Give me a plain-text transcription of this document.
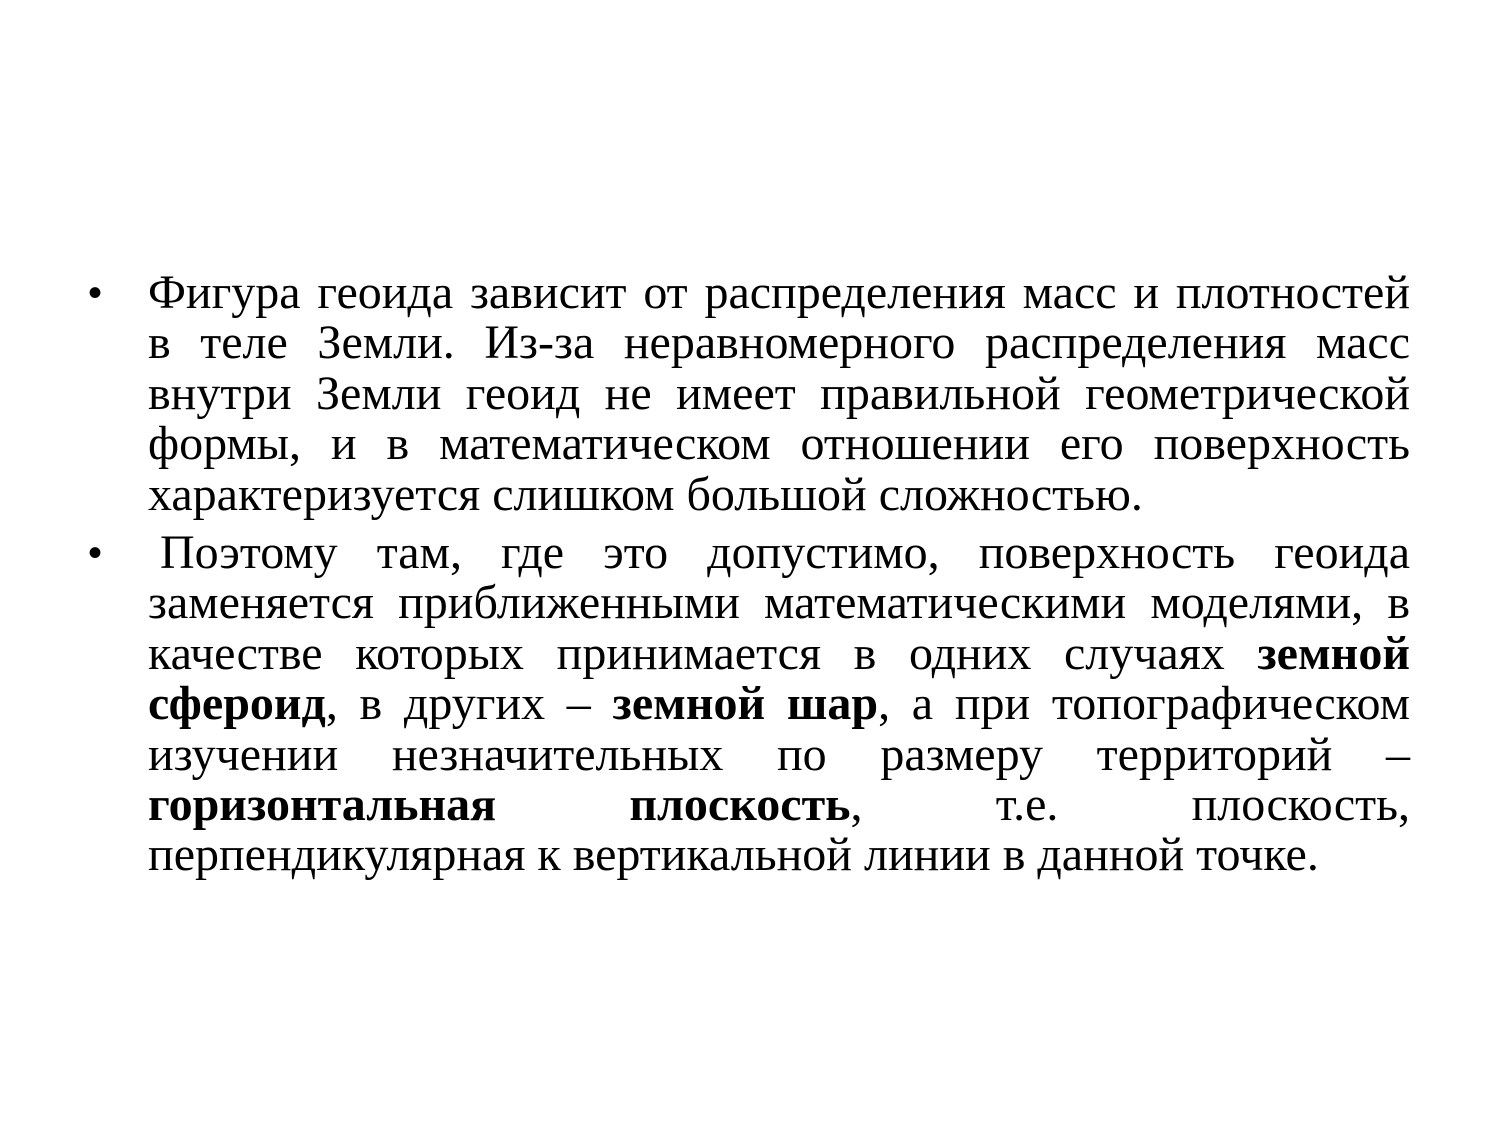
• Фигура геоида зависит от распределения масс и плотностей в теле Земли. Из-за неравномерного распределения масс внутри Земли геоид не имеет правильной геометрической формы, и в математическом отношении его поверхность характеризуется слишком большой сложностью.
•	Поэтому там, где это допустимо, поверхность геоида заменяется приближенными математическими моделями, в качестве которых принимается в одних случаях земной сфероид, в других – земной шар, а при топографическом изучении незначительных по размеру территорий – горизонтальная плоскость, т.е. плоскость, перпендикулярная к вертикальной линии в данной точке.
